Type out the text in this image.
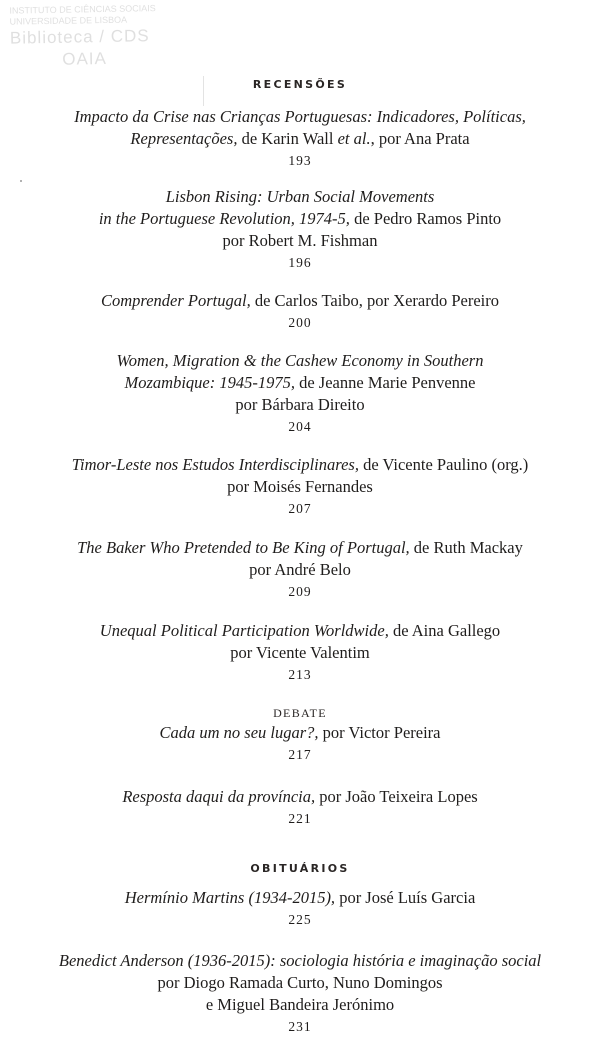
INSTITUTO DE CIÊNCIAS SOCIAIS
UNIVERSIDADE DE LISBOA
Biblioteca / CDS
OAIA
RECENSÕES
Impacto da Crise nas Crianças Portuguesas: Indicadores, Políticas,
Representações, de Karin Wall et al., por Ana Prata
193
Lisbon Rising: Urban Social Movements
in the Portuguese Revolution, 1974-5, de Pedro Ramos Pinto
por Robert M. Fishman
196
Comprender Portugal, de Carlos Taibo, por Xerardo Pereiro
200
Women, Migration & the Cashew Economy in Southern
Mozambique: 1945-1975, de Jeanne Marie Penvenne
por Bárbara Direito
204
Timor-Leste nos Estudos Interdisciplinares, de Vicente Paulino (org.)
por Moisés Fernandes
207
The Baker Who Pretended to Be King of Portugal, de Ruth Mackay
por André Belo
209
Unequal Political Participation Worldwide, de Aina Gallego
por Vicente Valentim
213
DEBATE
Cada um no seu lugar?, por Victor Pereira
217
Resposta daqui da província, por João Teixeira Lopes
221
OBITUÁRIOS
Hermínio Martins (1934-2015), por José Luís Garcia
225
Benedict Anderson (1936-2015): sociologia história e imaginação social
por Diogo Ramada Curto, Nuno Domingos
e Miguel Bandeira Jerónimo
231
